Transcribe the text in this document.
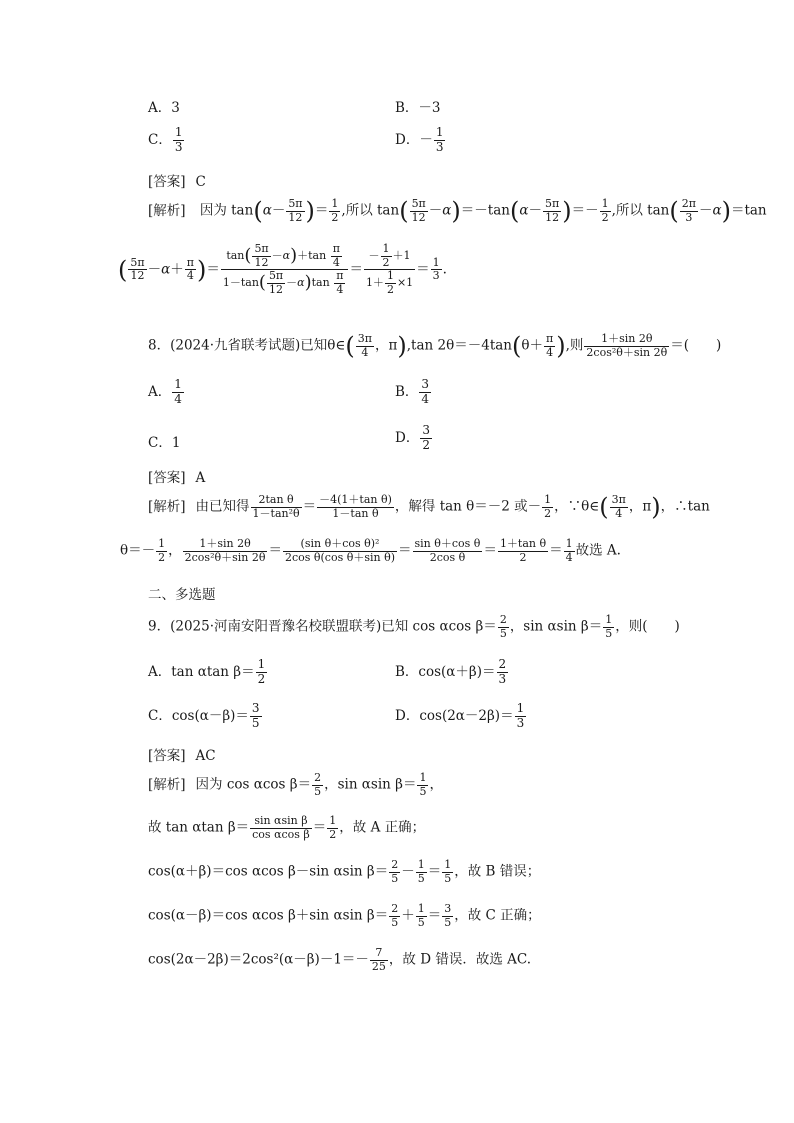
A．3	B．－3
C． $\frac{1}{3}$	D．－ $\frac{1}{3}$
[答案] C
[解析] 因为 $\tan(\alpha- \frac{5\pi}{12}$ )＝ $\frac{1}{2}$ ,所以 $\tan( \frac{5\pi}{12} -\alpha)=-\tan(\alpha- \frac{5\pi}{12}$ )＝－ $\frac{1}{2}$ ,所以 $\tan( \frac{2\pi}{3} -\alpha)=\tan$
( $\frac{5\pi}{12} -\alpha+ \frac{\pi}{4}$ )＝ $\frac{\tan( \frac{5\pi}{12} -\alpha)+\tan \frac{\pi}{4}}{1-\tan( \frac{5\pi}{12} -\alpha)\tan \frac{\pi}{4}} = \frac{- \frac{1}{2} +1}{1+ \frac{1}{2} \times 1} = \frac{1}{3}$ .
8．(2024·九省联考试题)已知θ∈( $\frac{3\pi}{4}$ ，π),tan $2\theta=-4\tan(\theta+ \frac{\pi}{4}$ ),则 $\frac{1+\sin 2\theta}{\text{2cos²θ＋sin 2θ}}$ ＝(　　)
A． $\frac{1}{4}$	B． $\frac{3}{4}$
C．1	D． $\frac{3}{2}$
[答案] A
[解析] 由已知得 $\frac{\text{2tan θ}}{\text{1－tan²θ}} = \frac{\text{－4(1＋tan θ)}}{\text{1－tan θ}}$ ，解得 tan θ＝－2 或－ $\frac{1}{2}$ ，∵θ∈( $\frac{3\pi}{4}$ ，π)，∴tan
$\theta=- \frac{1}{2}$ ， $\frac{1+\sin 2\theta}{\text{2cos²θ＋sin 2θ}} = \frac{\text{(sin θ＋cos θ)²}}{\text{2cos θ(cos θ＋sin θ)}} = \frac{\text{sin θ＋cos θ}}{\text{2cos θ}} = \frac{\text{1＋tan θ}}{2} = \frac{1}{4}$ 故选 A.
二、多选题
9．(2025·河南安阳晋豫名校联盟联考)已知 cos αcos $\beta= \frac{2}{5}$ ，sin αsin $\beta= \frac{1}{5}$ ，则(　　)
A．tan αtan $\beta= \frac{1}{2}$	B．$\cos(\alpha+\beta)= \frac{2}{3}$
C．$\cos(\alpha-\beta)= \frac{3}{5}$	D．$\cos(2\alpha-2\beta)= \frac{1}{3}$
[答案] AC
[解析] 因为 cos αcos $\beta= \frac{2}{5}$ ，sin αsin $\beta= \frac{1}{5}$ ，
故 tan αtan $\beta= \frac{\text{sin αsin β}}{\text{cos αcos β}} = \frac{1}{2}$ ，故 A 正确；
cos(α＋β)＝cos αcos β－sin αsin $\beta= \frac{2}{5} - \frac{1}{5} = \frac{1}{5}$ ，故 B 错误；
cos(α－β)＝cos αcos β＋sin αsin $\beta= \frac{2}{5} + \frac{1}{5} = \frac{3}{5}$ ，故 C 正确；
$\cos(2\alpha-2\beta)=2\cos^2(\alpha-\beta)-1=- \frac{7}{25}$ ，故 D 错误．故选 AC.
